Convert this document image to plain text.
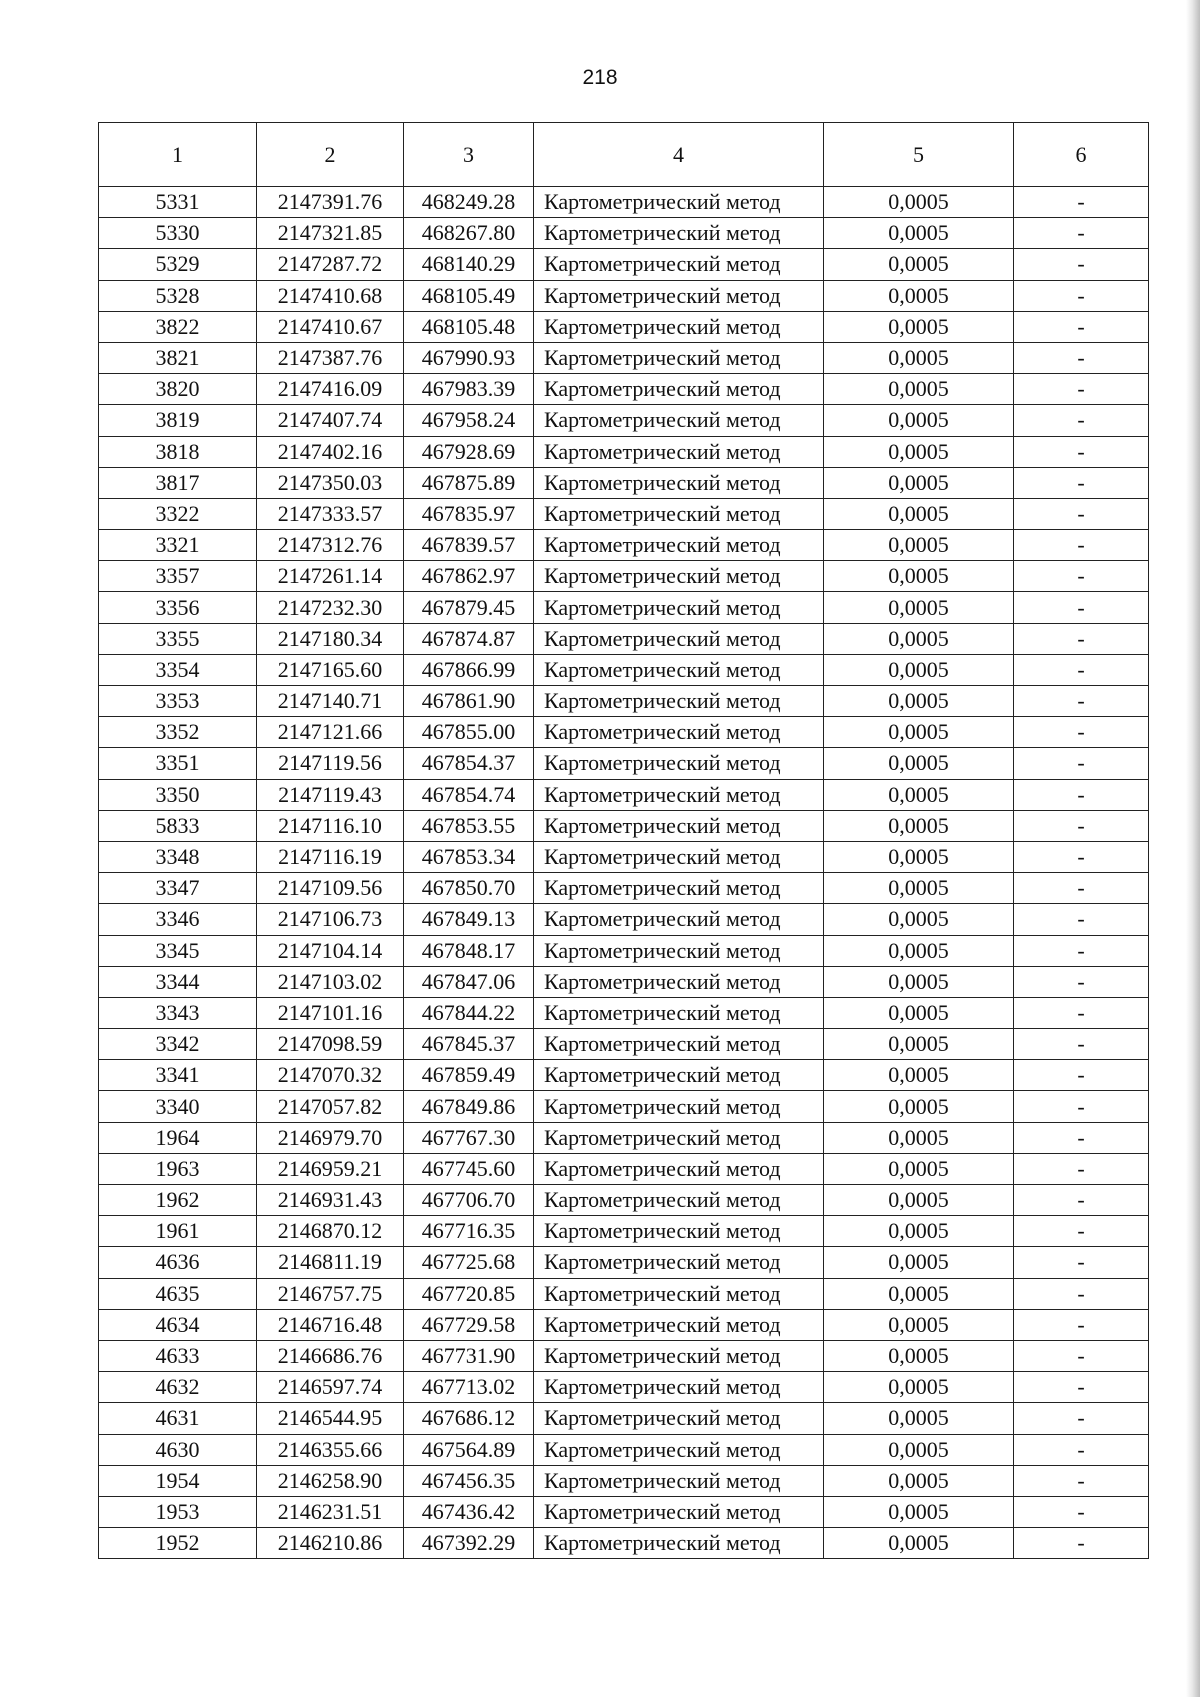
218
1	2	3	4	5	6
5331	2147391.76	468249.28	Картометрический метод	0,0005	-
5330	2147321.85	468267.80	Картометрический метод	0,0005	-
5329	2147287.72	468140.29	Картометрический метод	0,0005	-
5328	2147410.68	468105.49	Картометрический метод	0,0005	-
3822	2147410.67	468105.48	Картометрический метод	0,0005	-
3821	2147387.76	467990.93	Картометрический метод	0,0005	-
3820	2147416.09	467983.39	Картометрический метод	0,0005	-
3819	2147407.74	467958.24	Картометрический метод	0,0005	-
3818	2147402.16	467928.69	Картометрический метод	0,0005	-
3817	2147350.03	467875.89	Картометрический метод	0,0005	-
3322	2147333.57	467835.97	Картометрический метод	0,0005	-
3321	2147312.76	467839.57	Картометрический метод	0,0005	-
3357	2147261.14	467862.97	Картометрический метод	0,0005	-
3356	2147232.30	467879.45	Картометрический метод	0,0005	-
3355	2147180.34	467874.87	Картометрический метод	0,0005	-
3354	2147165.60	467866.99	Картометрический метод	0,0005	-
3353	2147140.71	467861.90	Картометрический метод	0,0005	-
3352	2147121.66	467855.00	Картометрический метод	0,0005	-
3351	2147119.56	467854.37	Картометрический метод	0,0005	-
3350	2147119.43	467854.74	Картометрический метод	0,0005	-
5833	2147116.10	467853.55	Картометрический метод	0,0005	-
3348	2147116.19	467853.34	Картометрический метод	0,0005	-
3347	2147109.56	467850.70	Картометрический метод	0,0005	-
3346	2147106.73	467849.13	Картометрический метод	0,0005	-
3345	2147104.14	467848.17	Картометрический метод	0,0005	-
3344	2147103.02	467847.06	Картометрический метод	0,0005	-
3343	2147101.16	467844.22	Картометрический метод	0,0005	-
3342	2147098.59	467845.37	Картометрический метод	0,0005	-
3341	2147070.32	467859.49	Картометрический метод	0,0005	-
3340	2147057.82	467849.86	Картометрический метод	0,0005	-
1964	2146979.70	467767.30	Картометрический метод	0,0005	-
1963	2146959.21	467745.60	Картометрический метод	0,0005	-
1962	2146931.43	467706.70	Картометрический метод	0,0005	-
1961	2146870.12	467716.35	Картометрический метод	0,0005	-
4636	2146811.19	467725.68	Картометрический метод	0,0005	-
4635	2146757.75	467720.85	Картометрический метод	0,0005	-
4634	2146716.48	467729.58	Картометрический метод	0,0005	-
4633	2146686.76	467731.90	Картометрический метод	0,0005	-
4632	2146597.74	467713.02	Картометрический метод	0,0005	-
4631	2146544.95	467686.12	Картометрический метод	0,0005	-
4630	2146355.66	467564.89	Картометрический метод	0,0005	-
1954	2146258.90	467456.35	Картометрический метод	0,0005	-
1953	2146231.51	467436.42	Картометрический метод	0,0005	-
1952	2146210.86	467392.29	Картометрический метод	0,0005	-
